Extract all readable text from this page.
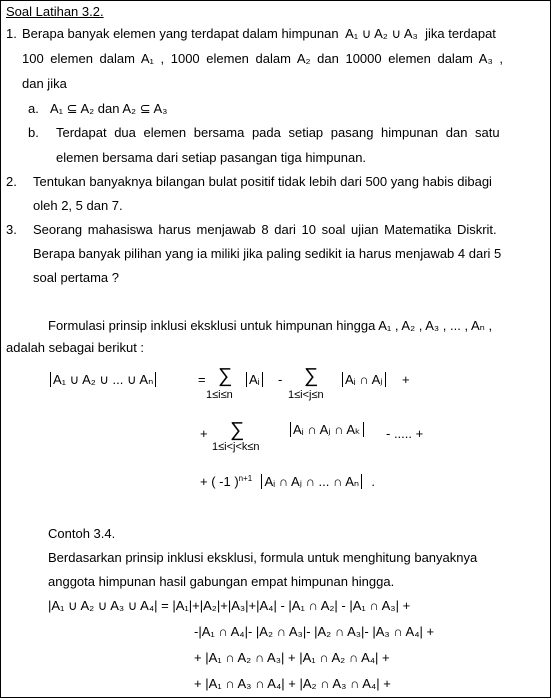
Soal Latihan 3.2.
1. Berapa banyak elemen yang terdapat dalam himpunan A₁ ∪ A₂ ∪ A₃ jika terdapat
100 elemen dalam A₁ , 1000 elemen dalam A₂ dan 10000 elemen dalam A₃ ,
dan jika
a. A₁ ⊆ A₂ dan A₂ ⊆ A₃
b. Terdapat dua elemen bersama pada setiap pasang himpunan dan satu
elemen bersama dari setiap pasangan tiga himpunan.
2. Tentukan banyaknya bilangan bulat positif tidak lebih dari 500 yang habis dibagi
oleh 2, 5 dan 7.
3. Seorang mahasiswa harus menjawab 8 dari 10 soal ujian Matematika Diskrit.
Berapa banyak pilihan yang ia miliki jika paling sedikit ia harus menjawab 4 dari 5
soal pertama ?
Formulasi prinsip inklusi eksklusi untuk himpunan hingga A₁ , A₂ , A₃ , ... , Aₙ ,
adalah sebagai berikut :
A₁ ∪ A₂ ∪ ... ∪ Aₙ	= ∑	Aᵢ
1≤i≤n
- ∑	Aᵢ ∩ Aⱼ
1≤i<j≤n
+
+ ∑	Aᵢ ∩ Aⱼ ∩ Aₖ
1≤i<j<k≤n
- ..... +
+ ( -1 )$^{n+1}$ Aᵢ ∩ Aⱼ ∩ ... ∩ Aₙ .
Contoh 3.4.
Berdasarkan prinsip inklusi eksklusi, formula untuk menghitung banyaknya
anggota himpunan hasil gabungan empat himpunan hingga.
|A₁ ∪ A₂ ∪ A₃ ∪ A₄| = |A₁|+|A₂|+|A₃|+|A₄| - |A₁ ∩ A₂| - |A₁ ∩ A₃| +
-|A₁ ∩ A₄|- |A₂ ∩ A₃|- |A₂ ∩ A₃|- |A₃ ∩ A₄| +
+ |A₁ ∩ A₂ ∩ A₃| + |A₁ ∩ A₂ ∩ A₄| +
+ |A₁ ∩ A₃ ∩ A₄| + |A₂ ∩ A₃ ∩ A₄| +
